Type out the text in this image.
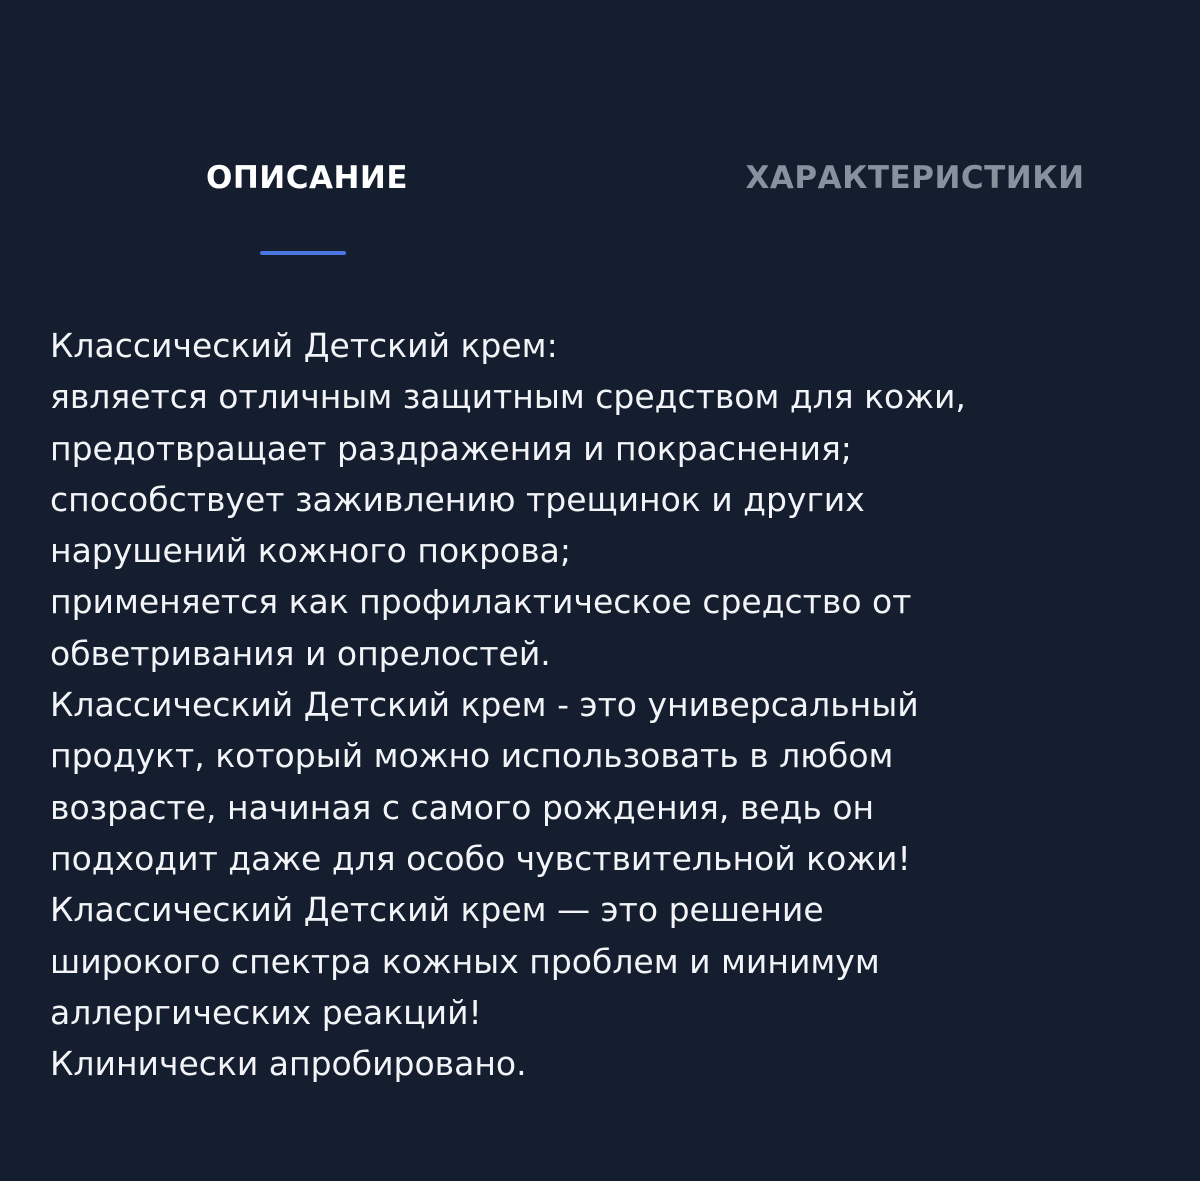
ОПИСАНИЕ	ХАРАКТЕРИСТИКИ
Классический Детский крем:
является отличным защитным средством для кожи,
предотвращает раздражения и покраснения;
способствует заживлению трещинок и других
нарушений кожного покрова;
применяется как профилактическое средство от
обветривания и опрелостей.
Классический Детский крем - это универсальный
продукт, который можно использовать в любом
возрасте, начиная с самого рождения, ведь он
подходит даже для особо чувствительной кожи!
Классический Детский крем — это решение
широкого спектра кожных проблем и минимум
аллергических реакций!
Клинически апробировано.
